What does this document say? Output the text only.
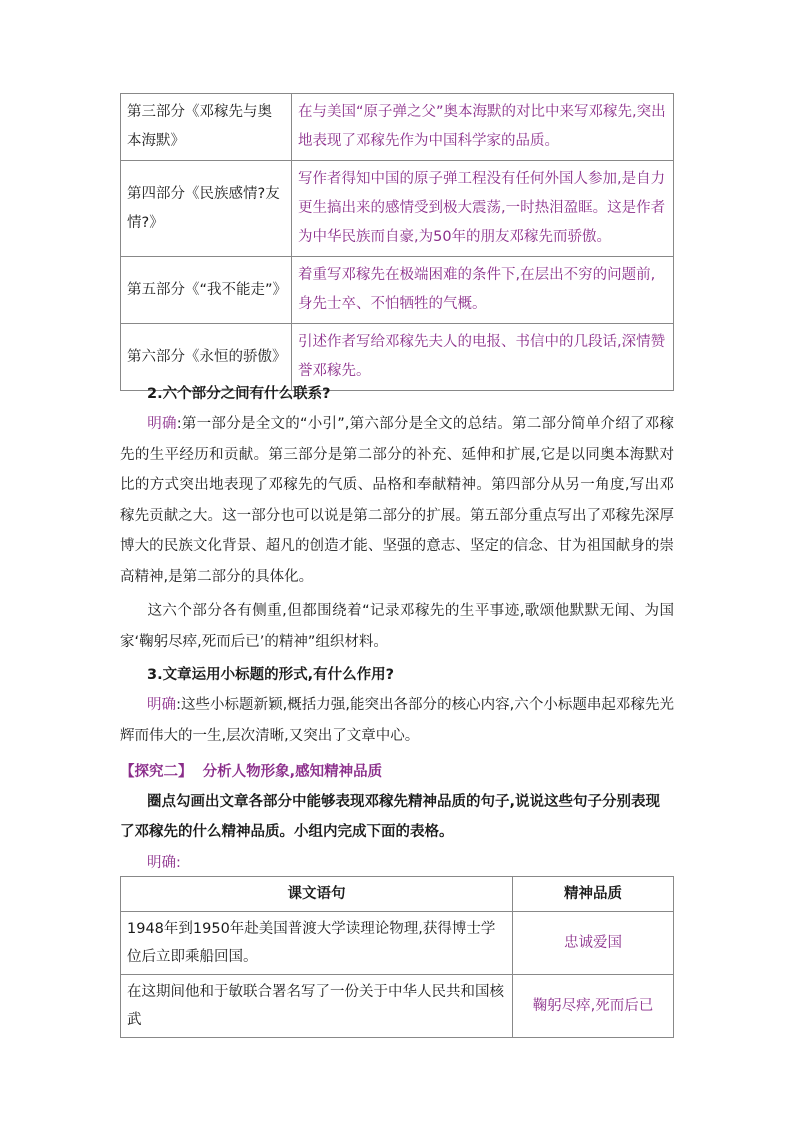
第三部分《邓稼先与奥本海默》	在与美国“原子弹之父”奥本海默的对比中来写邓稼先,突出地表现了邓稼先作为中国科学家的品质。
第四部分《民族感情?友情?》	写作者得知中国的原子弹工程没有任何外国人参加,是自力更生搞出来的感情受到极大震荡,一时热泪盈眶。这是作者为中华民族而自豪,为50年的朋友邓稼先而骄傲。
第五部分《“我不能走”》	着重写邓稼先在极端困难的条件下,在层出不穷的问题前,身先士卒、不怕牺牲的气概。
第六部分《永恒的骄傲》	引述作者写给邓稼先夫人的电报、书信中的几段话,深情赞誉邓稼先。
2.六个部分之间有什么联系?
明确:第一部分是全文的“小引”,第六部分是全文的总结。第二部分简单介绍了邓稼先的生平经历和贡献。第三部分是第二部分的补充、延伸和扩展,它是以同奥本海默对比的方式突出地表现了邓稼先的气质、品格和奉献精神。第四部分从另一角度,写出邓稼先贡献之大。这一部分也可以说是第二部分的扩展。第五部分重点写出了邓稼先深厚博大的民族文化背景、超凡的创造才能、坚强的意志、坚定的信念、甘为祖国献身的崇高精神,是第二部分的具体化。
这六个部分各有侧重,但都围绕着“记录邓稼先的生平事迹,歌颂他默默无闻、为国家‘鞠躬尽瘁,死而后已’的精神”组织材料。
3.文章运用小标题的形式,有什么作用?
明确:这些小标题新颖,概括力强,能突出各部分的核心内容,六个小标题串起邓稼先光辉而伟大的一生,层次清晰,又突出了文章中心。
【探究二】 分析人物形象,感知精神品质
圈点勾画出文章各部分中能够表现邓稼先精神品质的句子,说说这些句子分别表现了邓稼先的什么精神品质。小组内完成下面的表格。
明确:
课文语句	精神品质
1948年到1950年赴美国普渡大学读理论物理,获得博士学位后立即乘船回国。	忠诚爱国
在这期间他和于敏联合署名写了一份关于中华人民共和国核武	鞠躬尽瘁,死而后已
